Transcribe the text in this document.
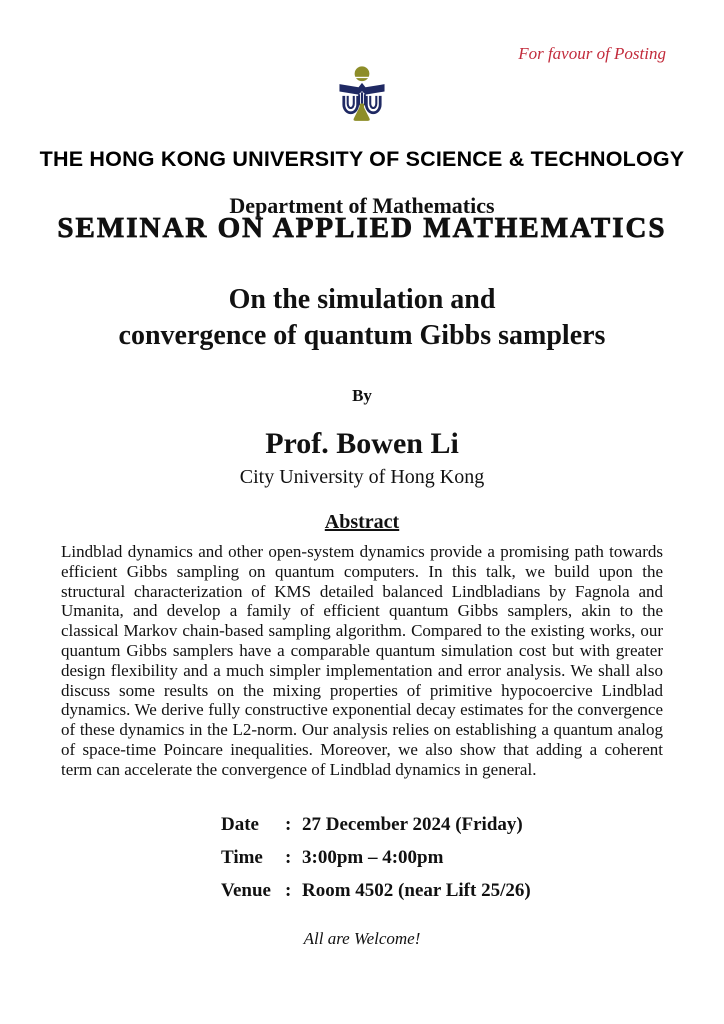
For favour of Posting
THE HONG KONG UNIVERSITY OF SCIENCE & TECHNOLOGY
Department of Mathematics
SEMINAR ON APPLIED MATHEMATICS
On the simulation and
convergence of quantum Gibbs samplers
By
Prof. Bowen Li
City University of Hong Kong
Abstract

Lindblad dynamics and other open-system dynamics provide a promising path towards efficient Gibbs sampling on quantum computers. In this talk, we build upon the structural characterization of KMS detailed balanced Lindbladians by Fagnola and Umanita, and develop a family of efficient quantum Gibbs samplers, akin to the classical Markov chain-based sampling algorithm. Compared to the existing works, our quantum Gibbs samplers have a comparable quantum simulation cost but with greater design flexibility and a much simpler implementation and error analysis. We shall also discuss some results on the mixing properties of primitive hypocoercive Lindblad dynamics. We derive fully constructive exponential decay estimates for the convergence of these dynamics in the L2-norm. Our analysis relies on establishing a quantum analog of space-time Poincare inequalities. Moreover, we also show that adding a coherent term can accelerate the convergence of Lindblad dynamics in general.

Date	: 27 December 2024 (Friday)
Time	: 3:00pm – 4:00pm
Venue : Room 4502 (near Lift 25/26)
All are Welcome!
